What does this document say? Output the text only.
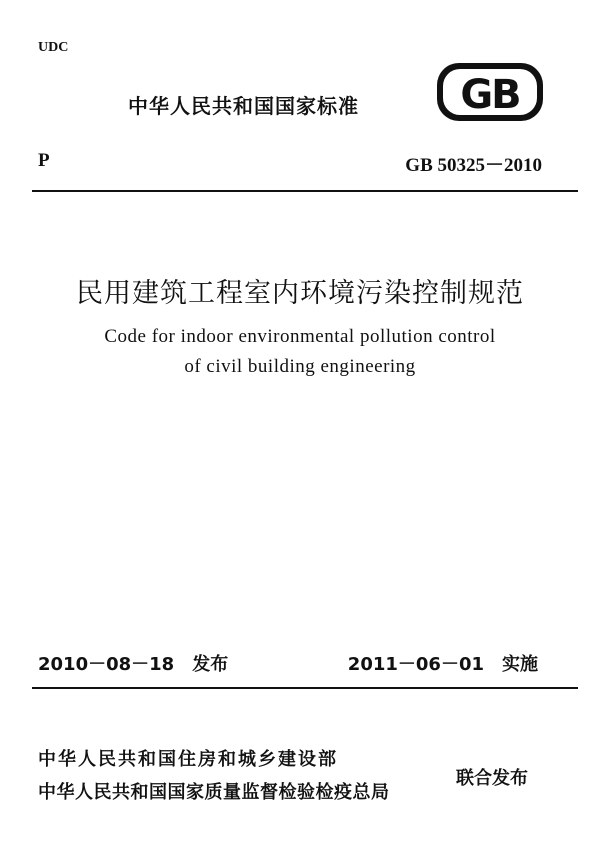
UDC
中华人民共和国国家标准	GB
P	GB 50325－2010
民用建筑工程室内环境污染控制规范
Code for indoor environmental pollution control
of civil building engineering
2010－08－18　发布	2011－06－01　实施
中华人民共和国住房和城乡建设部
中华人民共和国国家质量监督检验检疫总局
联合发布
